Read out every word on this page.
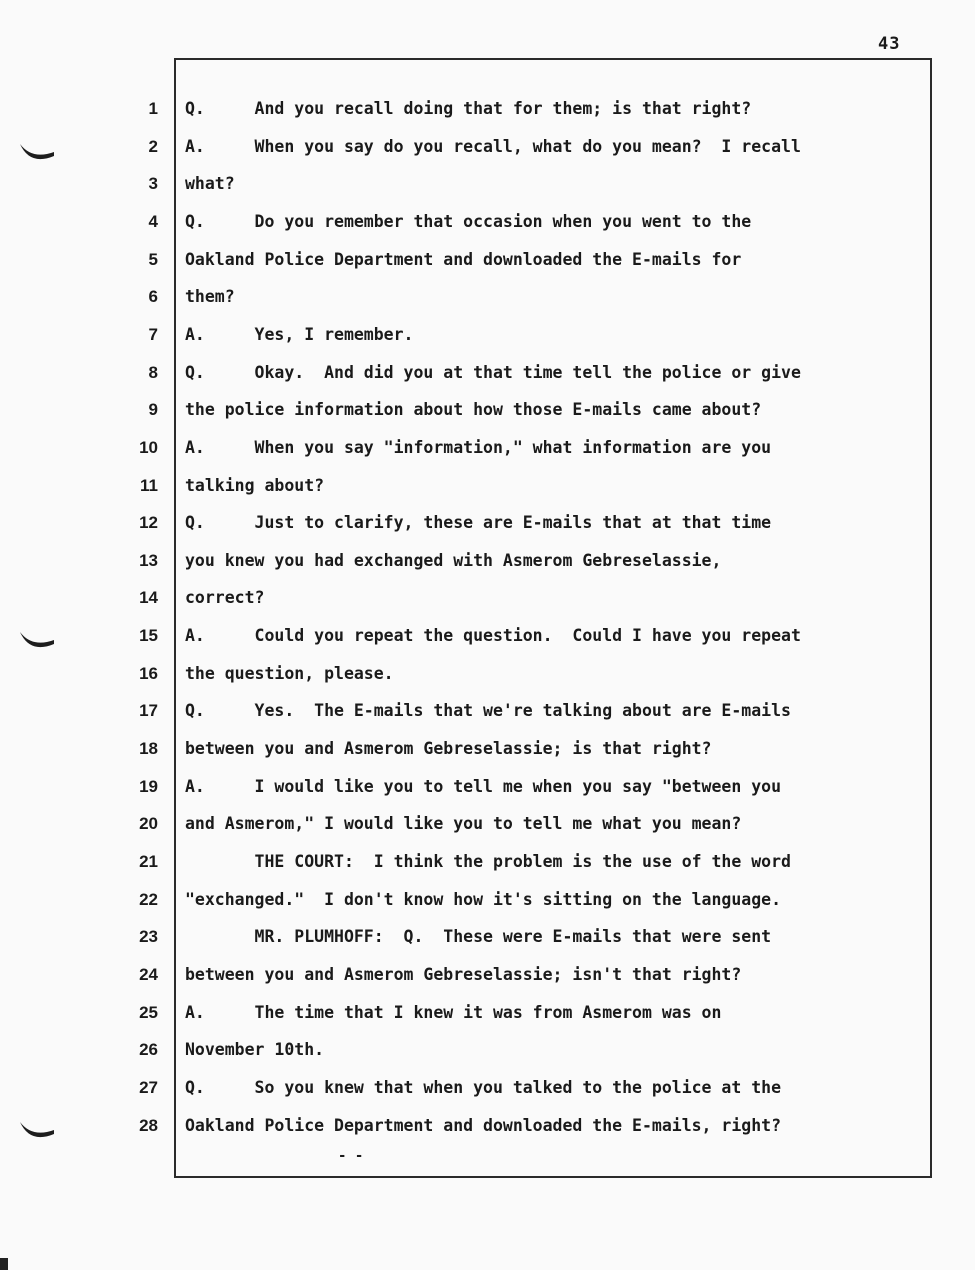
43
1 Q.     And you recall doing that for them; is that right?
2 A.     When you say do you recall, what do you mean?  I recall
3 what?
4 Q.     Do you remember that occasion when you went to the
5 Oakland Police Department and downloaded the E-mails for
6 them?
7 A.     Yes, I remember.
8 Q.     Okay.  And did you at that time tell the police or give
9 the police information about how those E-mails came about?
10 A.     When you say "information," what information are you
11 talking about?
12 Q.     Just to clarify, these are E-mails that at that time
13 you knew you had exchanged with Asmerom Gebreselassie,
14 correct?
15 A.     Could you repeat the question.  Could I have you repeat
16 the question, please.
17 Q.     Yes.  The E-mails that we're talking about are E-mails
18 between you and Asmerom Gebreselassie; is that right?
19 A.     I would like you to tell me when you say "between you
20 and Asmerom," I would like you to tell me what you mean?
21 THE COURT:  I think the problem is the use of the word
22 "exchanged."  I don't know how it's sitting on the language.
23 MR. PLUMHOFF:  Q.  These were E-mails that were sent
24 between you and Asmerom Gebreselassie; isn't that right?
25 A.     The time that I knew it was from Asmerom was on
26 November 10th.
27 Q.     So you knew that when you talked to the police at the
28 Oakland Police Department and downloaded the E-mails, right?
- -
